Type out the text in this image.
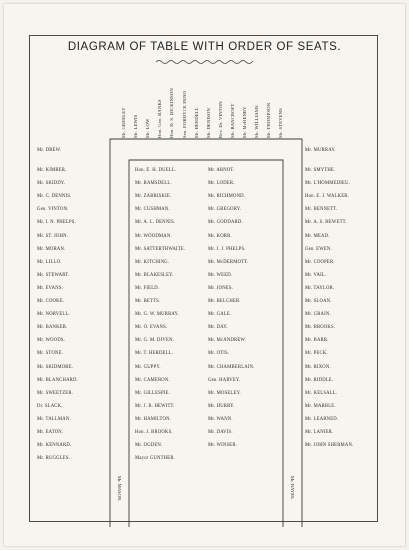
DIAGRAM OF TABLE WITH ORDER OF SEATS.
Mr. GREELEY	Mr. LEWIS	Mr. LOW	Hon. Geo. BANKS	Hon. D. S. DICKINSON	Sen. FORDYCE FENO	Mr. HERDELL	Mr. DENISON	Rev. Dr. VINTON	Mr. BANCROFT	Mr. McHENRY	Mr. WILLIAMS	Mr. THOMPSON	Mr. STEVENS
Mr. KIMBER.	Hon. E. H. DUELL.	Mr. ARNOT.	Mr. SMYTHE.
Mr. SKIDDY.	Mr. RAMSDELL.	Mr. LODER.	Mr. L'HOMMEDIEU.
Mr. C. DENNIS.	Mr. ZABRISKIE.	Mr. RICHMOND.	Hon. E. J. WALKER.
Gen. VINTON.	Mr. CUSHMAN.	Mr. GREGORY.	Mr. BENNETT.
Mr. I. N. PHELPS.	Mr. A. L. DENNIS.	Mr. GODDARD.	Mr. A. S. HEWETT.
Mr. ST. JOHN.	Mr. WOODMAN.	Mr. KORR.	Mr. MEAD.
Mr. MORAN.	Mr. SATTERTHWAITE.	Mr. J. J. PHELPS.	Gen. EWEN.
Mr. LILLO.	Mr. KITCHING.	Mr. McDERMOTT.	Mr. COOPER.
Mr. STEWART.	Mr. BLAKESLEY.	Mr. WEED.	Mr. VAIL.
Mr. EVANS.	Mr. FIELD.	Mr. JONES.	Mr. TAYLOR.
Mr. COOKE.	Mr. BETTS.	Mr. BELCHER.	Mr. SLOAN.
Mr. NORVELL.	Mr. G. W. MURRAY.	Mr. GALE.	Mr. GRAIN.
Mr. BANKER.	Mr. O. EVANS.	Mr. DAY.	Mr. BROOKS.
Mr. WOODS.	Mr. G. M. DIVEN.	Mr. McANDREW.	Mr. BARR.
Mr. STONE.	Mr. T. HERDELL.	Mr. OTIS.	Mr. PECK.
Mr. SKIDMORE.	Mr. GUPPY.	Mr. CHAMBERLAIN.	Mr. RIXON.
Mr. BLANCHARD.	Mr. CAMERON.	Gen. HARVEY.	Mr. RIDDLE.
Mr. SWEETZER.	Mr. GILLESPIE.	Mr. MOSELEY.	Mr. KELSALL.
Dr. SLACK.	Mr. J. B. HEWITT.	Mr. HURRY.	Mr. MARBLE.
Mr. TALLMAN.	Mr. HAMILTON.	Mr. WANN.	Mr. LEARNED.
Mr. EATON.	Hon. J. BROOKS.	Mr. DAVIS.	Mr. LANIER.
Mr. KENNARD.	Mr. OGDEN.	Mr. WINSER.	Mr. JOHN SHERMAN.
Mr. RUGGLES.	Mayor GUNTHER.
Mr. DREW.	Mr. MURRAY.
Mr. MASON.	Mr. HAYES.
